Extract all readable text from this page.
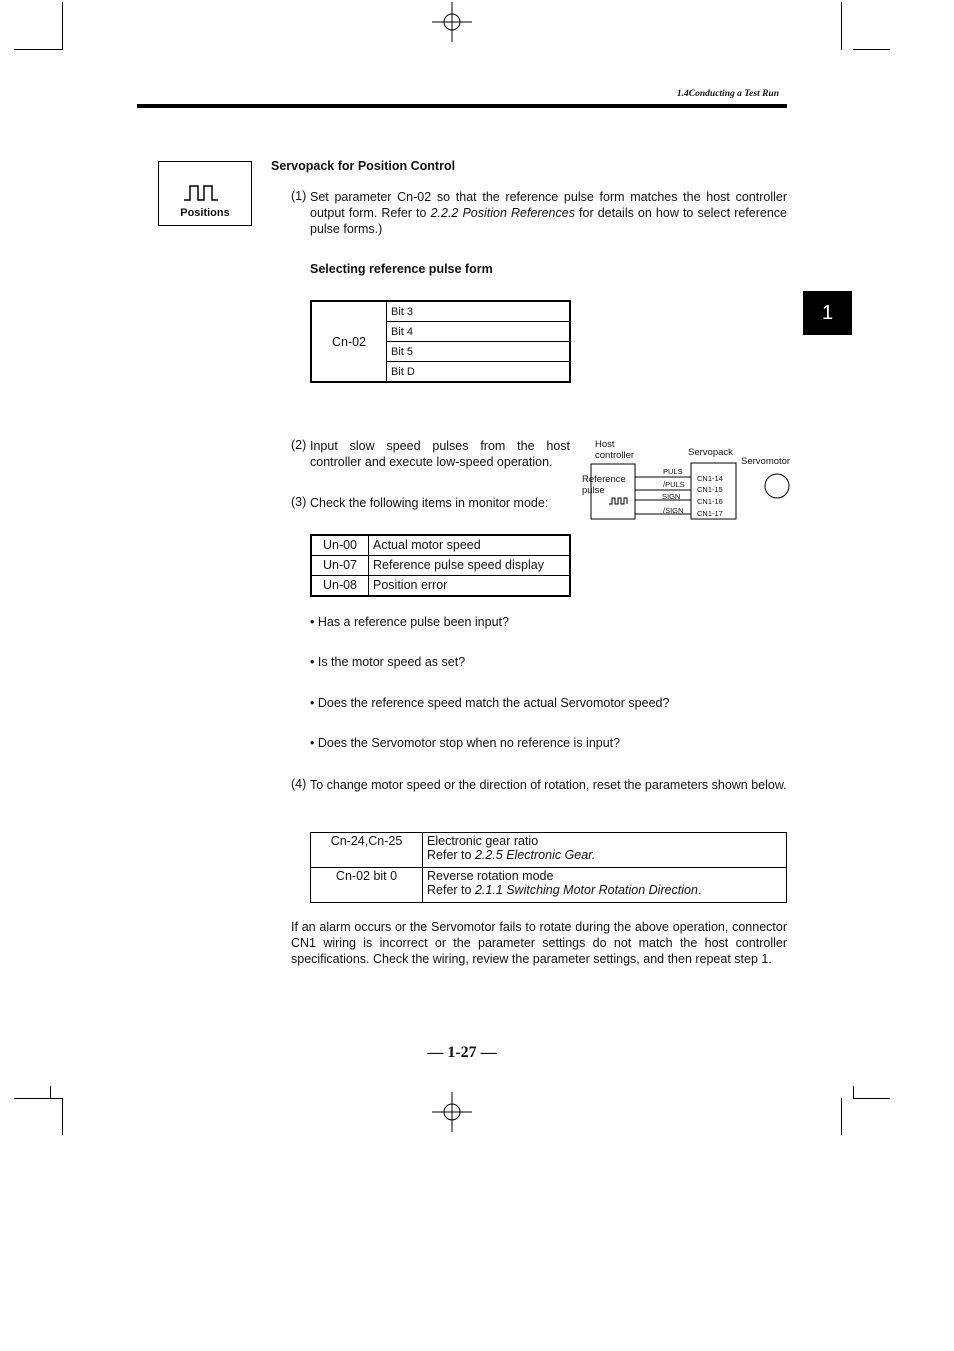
1.4Conducting a Test Run
1
Positions
Servopack for Position Control
(1) Set parameter Cn-02 so that the reference pulse form matches the host controller output form. Refer to 2.2.2 Position References for details on how to select reference pulse forms.)
Selecting reference pulse form
Cn-02	Bit 3
Bit 4
Bit 5
Bit D
(2) Input slow speed pulses from the host controller and execute low-speed operation.
(3) Check the following items in monitor mode:
Host controller	Servopack
Servomotor
Reference pulse
PULS
/PULS
SIGN
/SIGN
CN1-14
CN1-15
CN1-16
CN1-17
Un-00	Actual motor speed
Un-07	Reference pulse speed display
Un-08	Position error
• Has a reference pulse been input?
• Is the motor speed as set?
• Does the reference speed match the actual Servomotor speed?
• Does the Servomotor stop when no reference is input?
(4) To change motor speed or the direction of rotation, reset the parameters shown below.
Cn-24,Cn-25	Electronic gear ratio
Refer to 2.2.5 Electronic Gear.
Cn-02 bit 0	Reverse rotation mode
Refer to 2.1.1 Switching Motor Rotation Direction.
If an alarm occurs or the Servomotor fails to rotate during the above operation, connector CN1 wiring is incorrect or the parameter settings do not match the host controller specifications. Check the wiring, review the parameter settings, and then repeat step 1.
— 1-27 —
